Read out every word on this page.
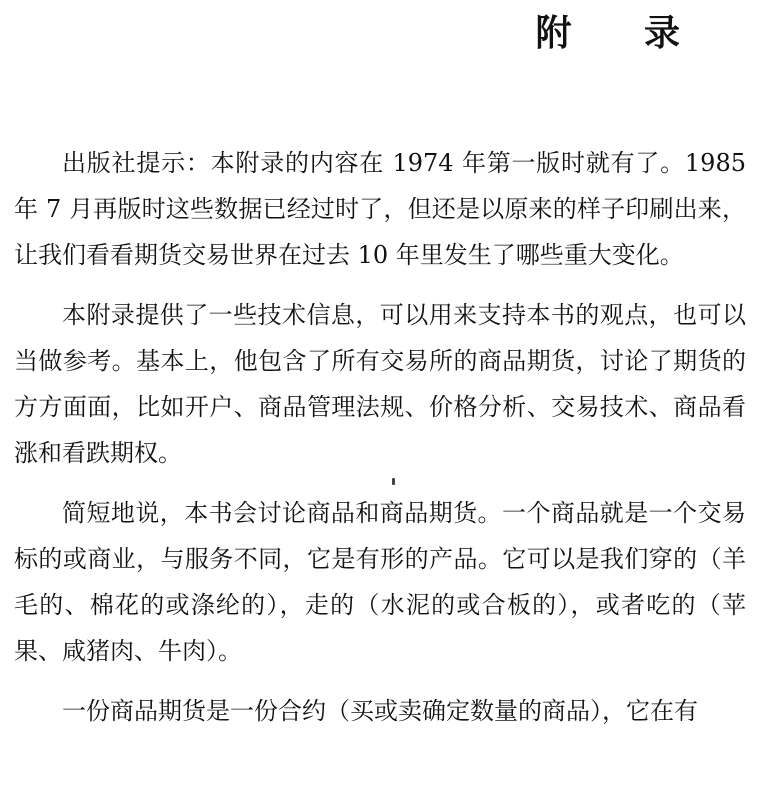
附 录

出版社提示：本附录的内容在 1974 年第一版时就有了。1985 年 7 月再版时这些数据已经过时了，但还是以原来的样子印刷出来，让我们看看期货交易世界在过去 10 年里发生了哪些重大变化。

本附录提供了一些技术信息，可以用来支持本书的观点，也可以当做参考。基本上，他包含了所有交易所的商品期货，讨论了期货的方方面面，比如开户、商品管理法规、价格分析、交易技术、商品看涨和看跌期权。

简短地说，本书会讨论商品和商品期货。一个商品就是一个交易标的或商业，与服务不同，它是有形的产品。它可以是我们穿的（羊毛的、棉花的或涤纶的），走的（水泥的或合板的），或者吃的（苹果、咸猪肉、牛肉）。

一份商品期货是一份合约（买或卖确定数量的商品），它在有
